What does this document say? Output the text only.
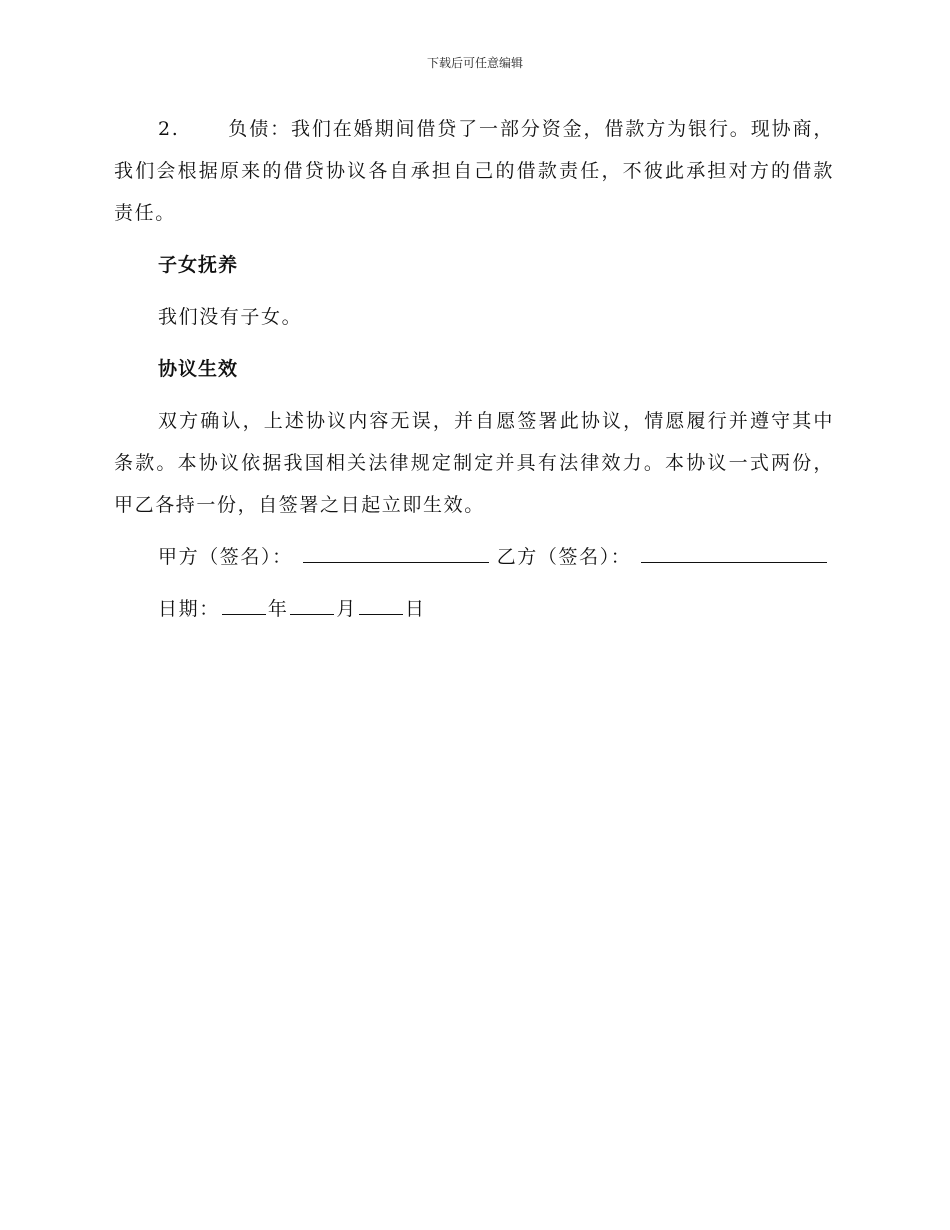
下载后可任意编辑

2.	负债：我们在婚期间借贷了一部分资金，借款方为银行。现协商，我们会根据原来的借贷协议各自承担自己的借款责任，不彼此承担对方的借款责任。

子女抚养

我们没有子女。

协议生效

双方确认，上述协议内容无误，并自愿签署此协议，情愿履行并遵守其中条款。本协议依据我国相关法律规定制定并具有法律效力。本协议一式两份，甲乙各持一份，自签署之日起立即生效。

甲方（签名）：	乙方（签名）：
日期：	年	月	日
